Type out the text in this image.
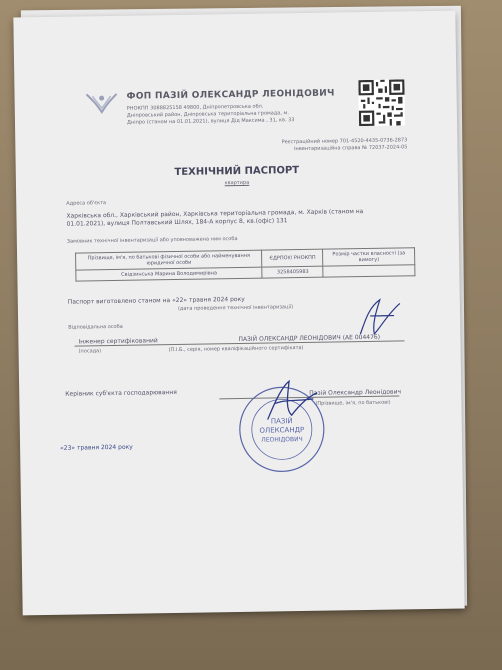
ФОП ПАЗІЙ ОЛЕКСАНДР ЛЕОНІДОВИЧ
РНОКПП 3088825158 49800, Дніпропетровська обл.
Дніпровський район, Дніпровська територіальна громада, м.
Дніпро (станом на 01.01.2021), вулиця Дід Максима , 31, кв. 33
Реєстраційний номер 701-4520-4435-0736-2873
Інвентаризаційна справа № 72037-2024-05
ТЕХНІЧНИЙ ПАСПОРТ
квартира
Адреса об'єкта
Харківська обл., Харківський район, Харківська територіальна громада, м. Харків (станом на 01.01.2021), вулиця Полтавський Шлях, 184-А корпус 8, кв.(офіс) 131
Замовник технічної інвентаризації або уповноважена ним особа
Прізвище, ім'я, по батькові фізичної особи або найменування юридичної особи	ЄДРПОУ/ РНОКПП	Розмір частки власності (за вимогу)
Свідзинська Марина Володимирівна	3258405983	
Паспорт виготовлено станом на «22» травня 2024 року
(дата проведення технічної інвентаризації)
Відповідальна особа
Інженер сертифікований	ПАЗІЙ ОЛЕКСАНДР ЛЕОНІДОВИЧ (АЕ 004476)
(посада)	(П.І.Б., серія, номер кваліфікаційного сертифіката)
Керівник суб'єкта господарювання	Пазій Олександр Леонідович
(Прізвище, ім'я, по батькові)
«23» травня 2024 року
ПАЗІЙ
ОЛЕКСАНДР
ЛЕОНІДОВИЧ
